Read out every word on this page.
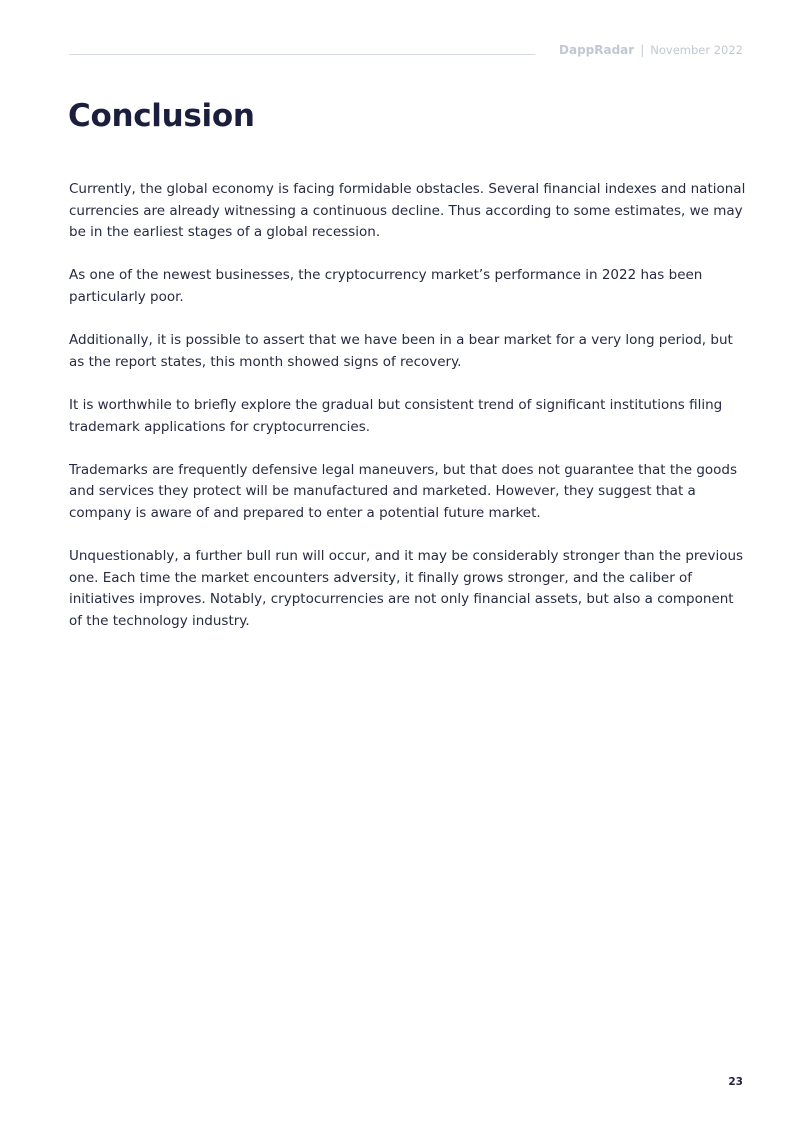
DappRadar | November 2022
Conclusion

Currently, the global economy is facing formidable obstacles. Several financial indexes and national currencies are already witnessing a continuous decline. Thus according to some estimates, we may be in the earliest stages of a global recession.

As one of the newest businesses, the cryptocurrency market’s performance in 2022 has been particularly poor.

Additionally, it is possible to assert that we have been in a bear market for a very long period, but as the report states, this month showed signs of recovery.

It is worthwhile to briefly explore the gradual but consistent trend of significant institutions filing trademark applications for cryptocurrencies.

Trademarks are frequently defensive legal maneuvers, but that does not guarantee that the goods and services they protect will be manufactured and marketed. However, they suggest that a company is aware of and prepared to enter a potential future market.

Unquestionably, a further bull run will occur, and it may be considerably stronger than the previous one. Each time the market encounters adversity, it finally grows stronger, and the caliber of initiatives improves. Notably, cryptocurrencies are not only financial assets, but also a component of the technology industry.

23
